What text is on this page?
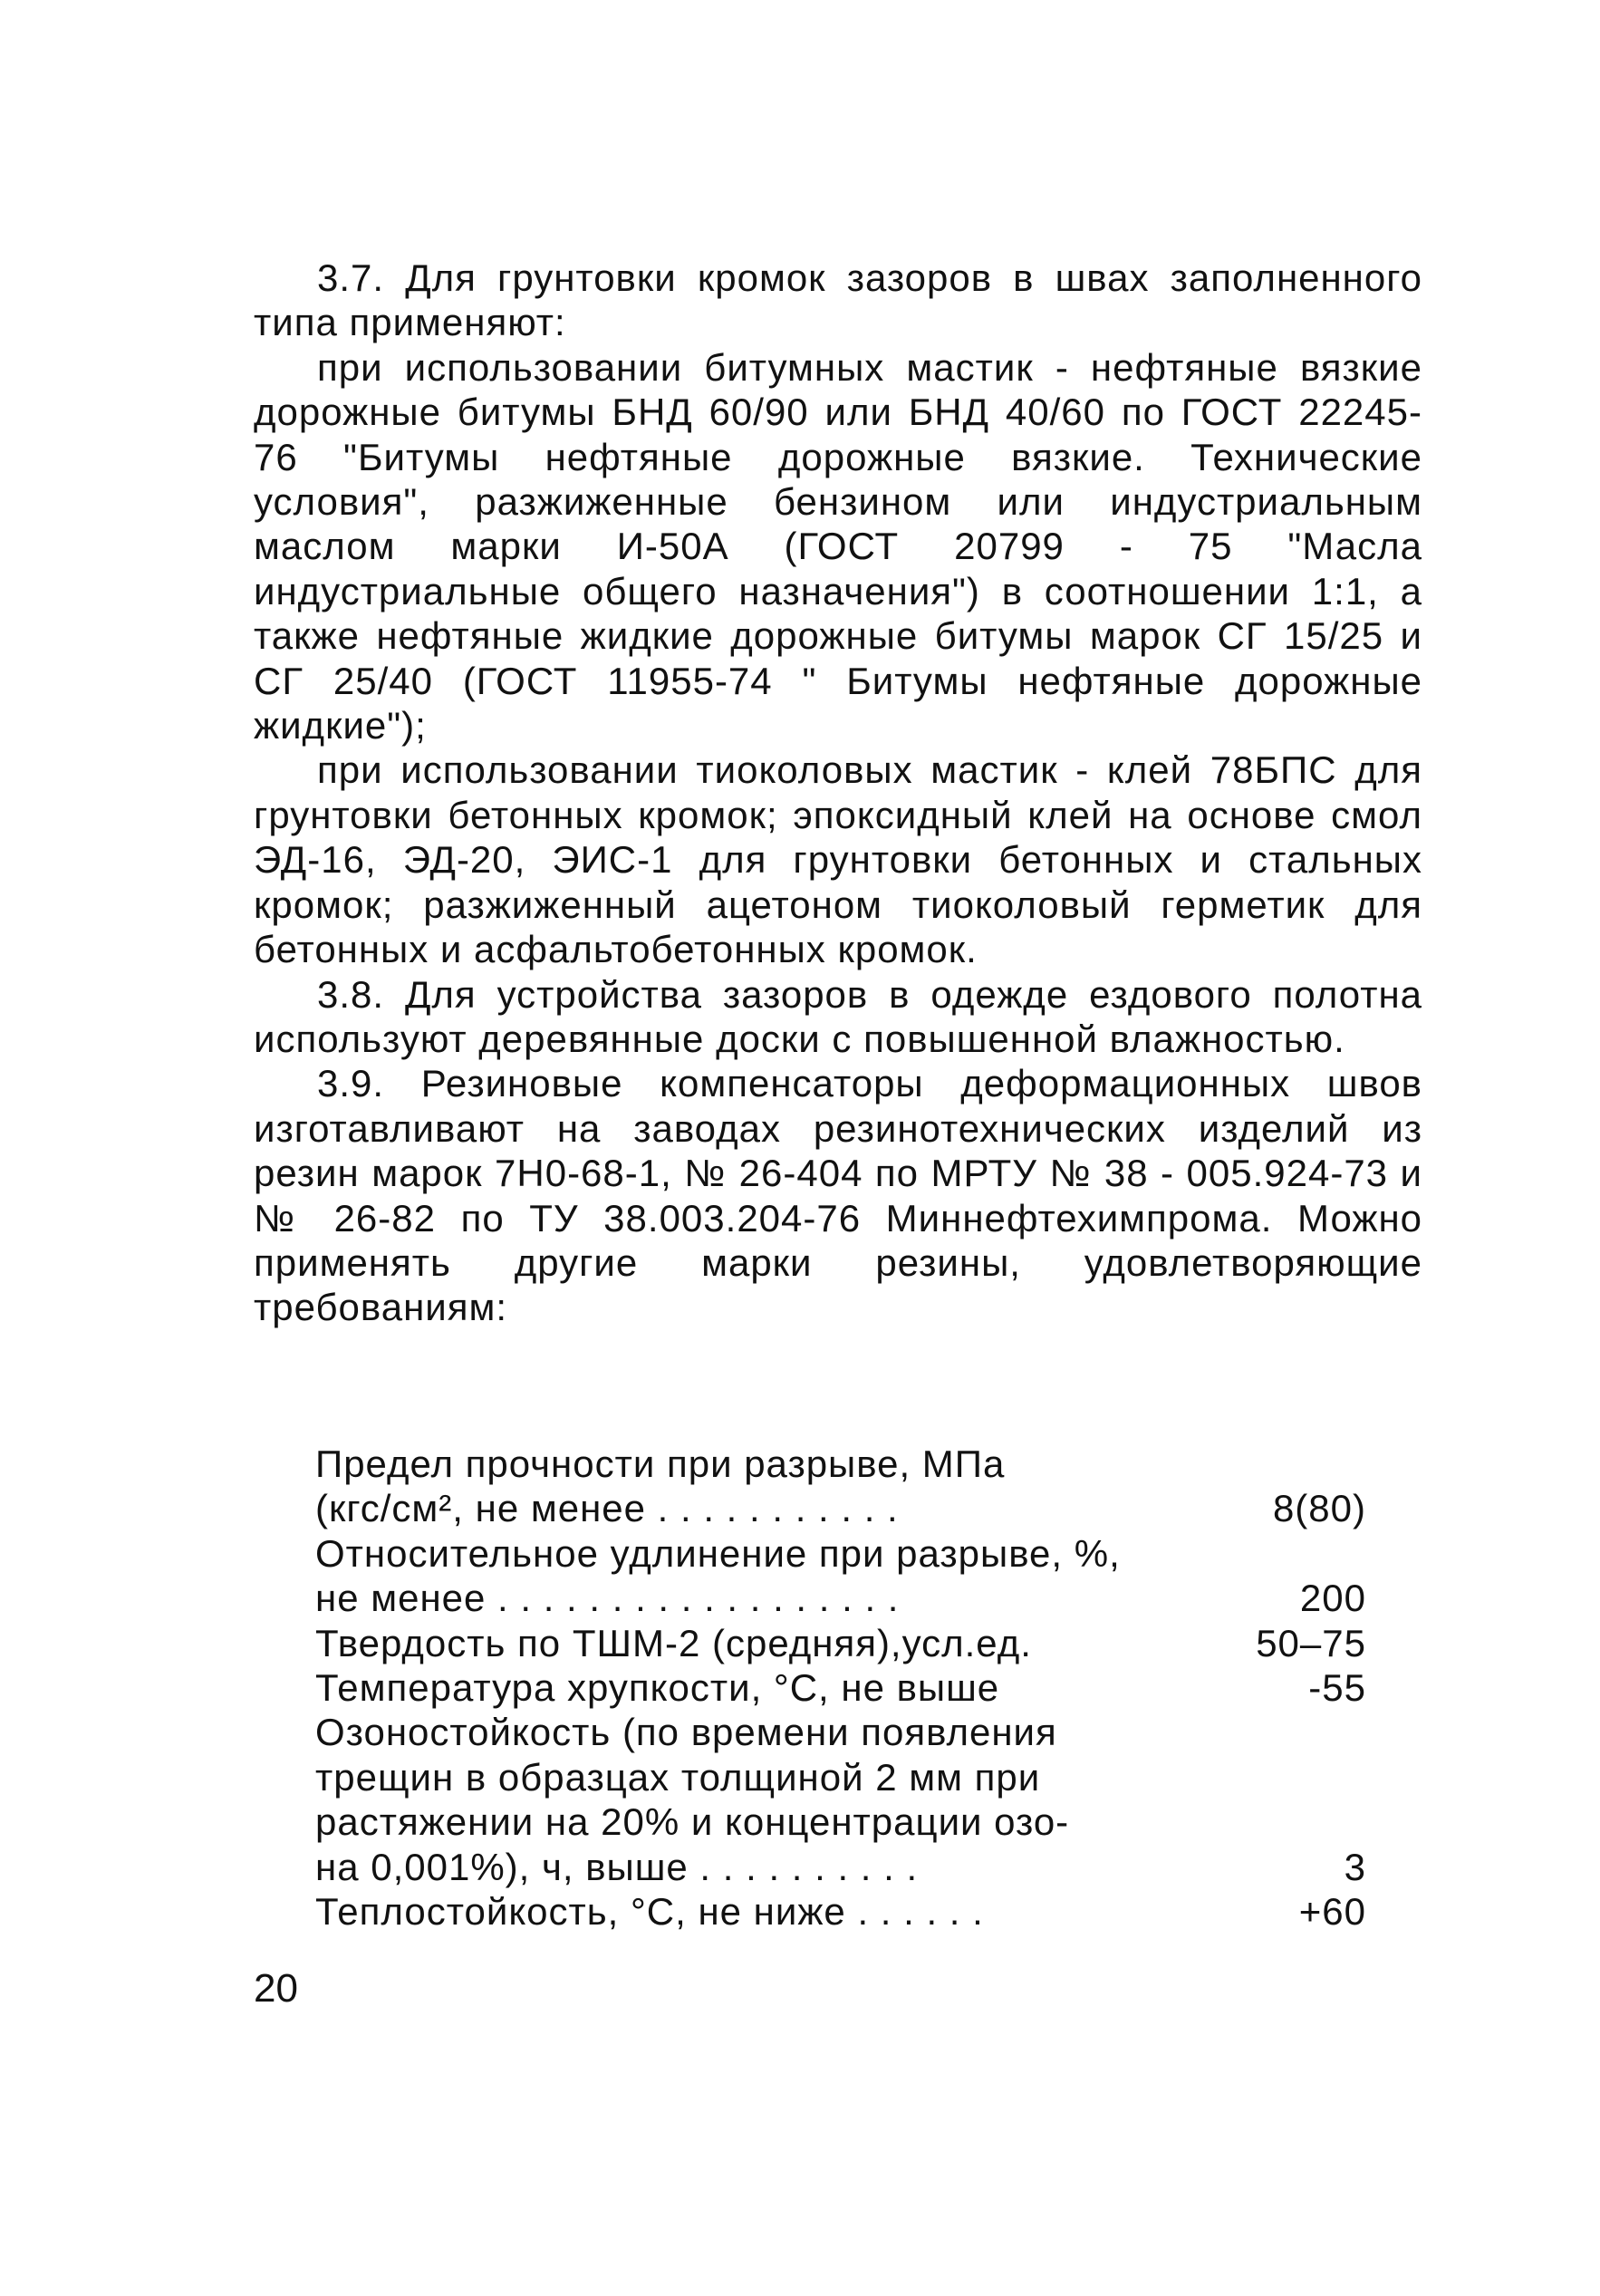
3.7. Для грунтовки кромок зазоров в швах заполненного типа применяют:

при использовании битумных мастик - нефтяные вязкие дорожные битумы БНД 60/90 или БНД 40/60 по ГОСТ 22245-76 "Битумы нефтяные дорожные вязкие. Технические условия", разжиженные бензином или индустриальным маслом марки И-50А (ГОСТ 20799 - 75 "Масла индустриальные общего назначения") в соотношении 1:1, а также нефтяные жидкие дорожные битумы марок СГ 15/25 и СГ 25/40 (ГОСТ 11955-74 " Битумы нефтяные дорожные жидкие");

при использовании тиоколовых мастик - клей 78БПС для грунтовки бетонных кромок; эпоксидный клей на основе смол ЭД-16, ЭД-20, ЭИС-1 для грунтовки бетонных и стальных кромок; разжиженный ацетоном тиоколовый герметик для бетонных и асфальтобетонных кромок.

3.8. Для устройства зазоров в одежде ездового полотна используют деревянные доски с повышенной влажностью.

3.9. Резиновые компенсаторы деформационных швов изготавливают на заводах резинотехнических изделий из резин марок 7Н0-68-1, № 26-404 по МРТУ № 38 - 005.924-73 и № 26-82 по ТУ 38.003.204-76 Миннефтехимпрома. Можно применять другие марки резины, удовлетворяющие требованиям:

Предел прочности при разрыве, МПа
(кгс/см², не менее . . . . . . . . . . .	8(80)
Относительное удлинение при разрыве, %,
не менее . . . . . . . . . . . . . . . . . .	200
Твердость по ТШМ-2 (средняя),усл.ед.	50–75
Температура хрупкости, °С, не выше	-55
Озоностойкость (по времени появления
трещин в образцах толщиной 2 мм при
растяжении на 20% и концентрации озо-
на 0,001%), ч, выше . . . . . . . . . .	3
Теплостойкость, °С, не ниже . . . . . .	+60
20
